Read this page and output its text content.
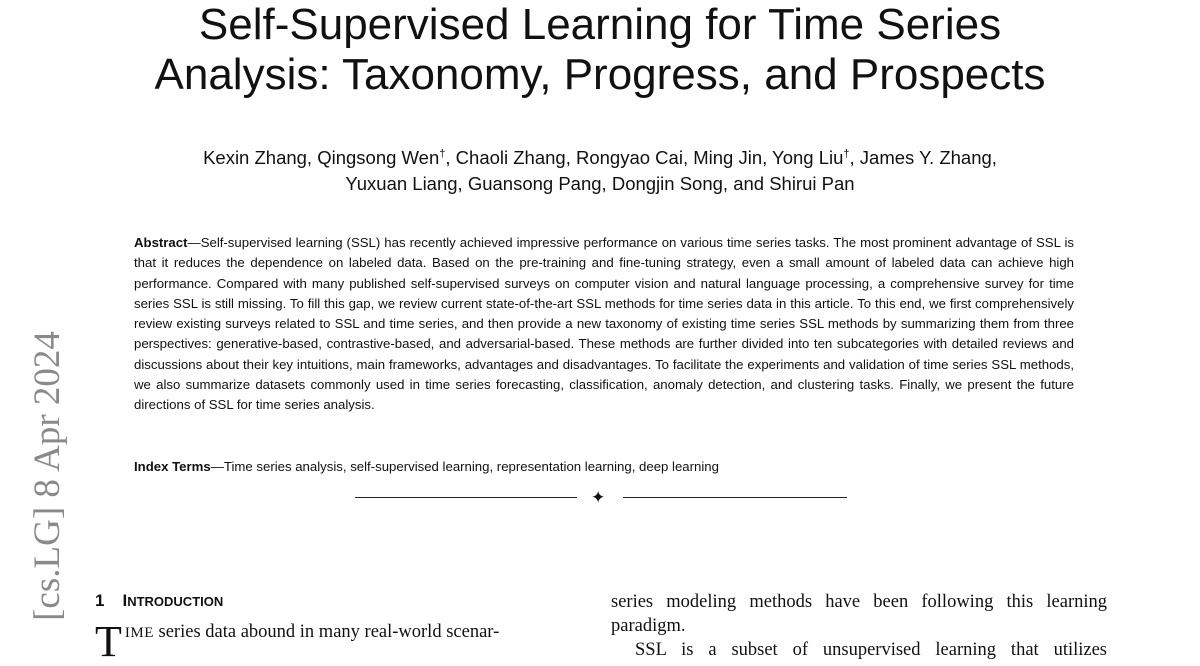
Self-Supervised Learning for Time Series
Analysis: Taxonomy, Progress, and Prospects
Kexin Zhang, Qingsong Wen†, Chaoli Zhang, Rongyao Cai, Ming Jin, Yong Liu†, James Y. Zhang,
Yuxuan Liang, Guansong Pang, Dongjin Song, and Shirui Pan
Abstract—Self-supervised learning (SSL) has recently achieved impressive performance on various time series tasks. The most prominent advantage of SSL is that it reduces the dependence on labeled data. Based on the pre-training and fine-tuning strategy, even a small amount of labeled data can achieve high performance. Compared with many published self-supervised surveys on computer vision and natural language processing, a comprehensive survey for time series SSL is still missing. To fill this gap, we review current state-of-the-art SSL methods for time series data in this article. To this end, we first comprehensively review existing surveys related to SSL and time series, and then provide a new taxonomy of existing time series SSL methods by summarizing them from three perspectives: generative-based, contrastive-based, and adversarial-based. These methods are further divided into ten subcategories with detailed reviews and discussions about their key intuitions, main frameworks, advantages and disadvantages. To facilitate the experiments and validation of time series SSL methods, we also summarize datasets commonly used in time series forecasting, classification, anomaly detection, and clustering tasks. Finally, we present the future directions of SSL for time series analysis.
Index Terms—Time series analysis, self-supervised learning, representation learning, deep learning
✦
[cs.LG] 8 Apr 2024 1 INTRODUCTION
TIME series data abound in many real-world scenar-

series modeling methods have been following this learning

paradigm.

SSL is a subset of unsupervised learning that utilizes
